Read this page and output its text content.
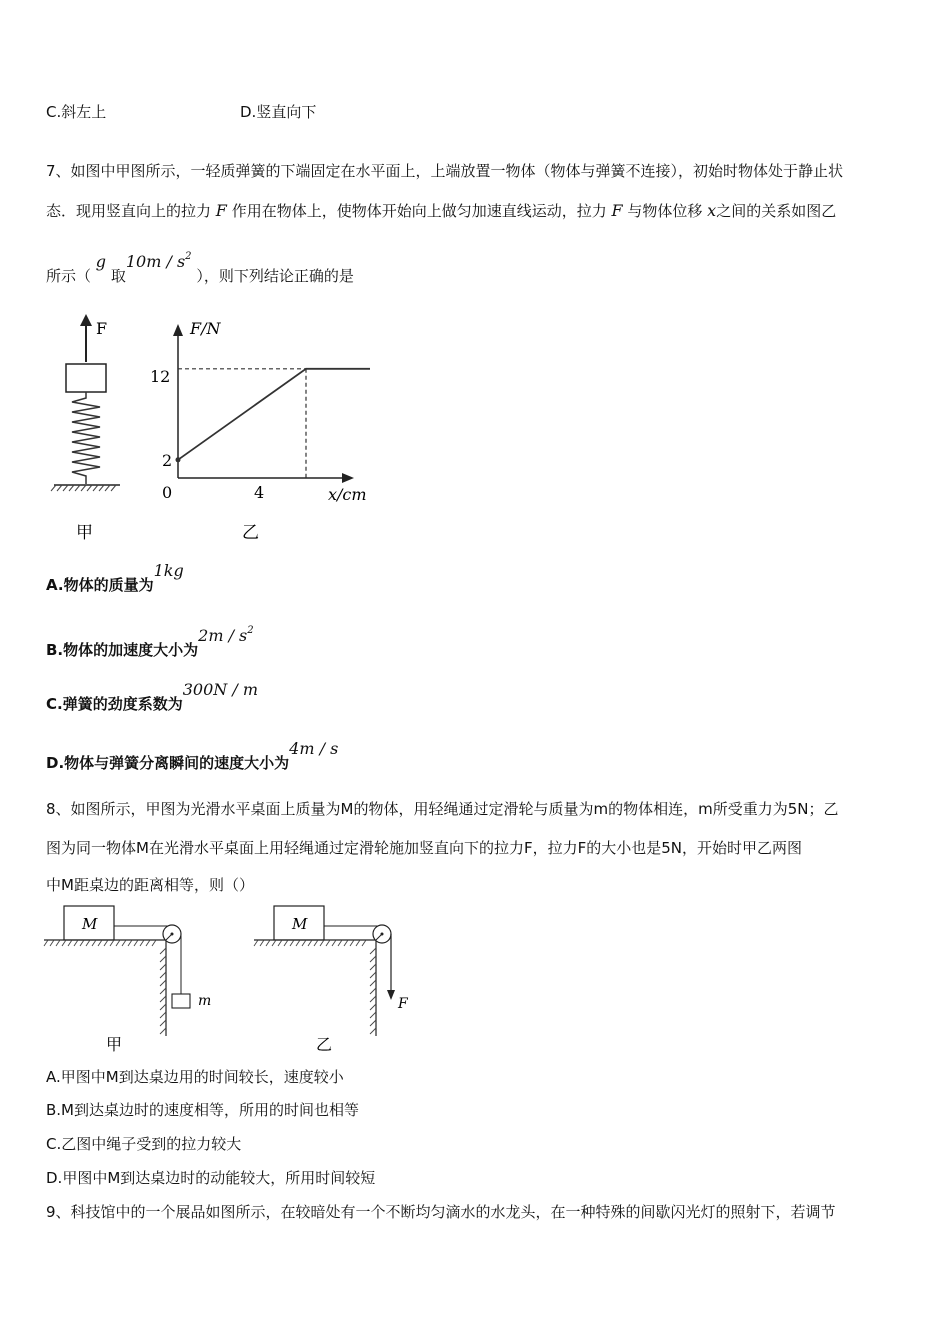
C.斜左上	D.竖直向下
7、如图中甲图所示，一轻质弹簧的下端固定在水平面上，上端放置一物体（物体与弹簧不连接），初始时物体处于静止状
态．现用竖直向上的拉力 F 作用在物体上，使物体开始向上做匀加速直线运动，拉力 F 与物体位移 x之间的关系如图乙
所示（ g 取$10m / s^2$ ），则下列结论正确的是
F
甲
F/N
x/cm
0
12
2
4
乙
A.物体的质量为1kg
B.物体的加速度大小为$2m / s^2$
C.弹簧的劲度系数为300N / m
D.物体与弹簧分离瞬间的速度大小为4m / s
8、如图所示，甲图为光滑水平桌面上质量为M的物体，用轻绳通过定滑轮与质量为m的物体相连，m所受重力为5N；乙
图为同一物体M在光滑水平桌面上用轻绳通过定滑轮施加竖直向下的拉力F，拉力F的大小也是5N，开始时甲乙两图
中M距桌边的距离相等，则（）
M
m
甲
M
F
乙
A.甲图中M到达桌边用的时间较长，速度较小
B.M到达桌边时的速度相等，所用的时间也相等
C.乙图中绳子受到的拉力较大
D.甲图中M到达桌边时的动能较大，所用时间较短
9、科技馆中的一个展品如图所示，在较暗处有一个不断均匀滴水的水龙头，在一种特殊的间歇闪光灯的照射下，若调节
